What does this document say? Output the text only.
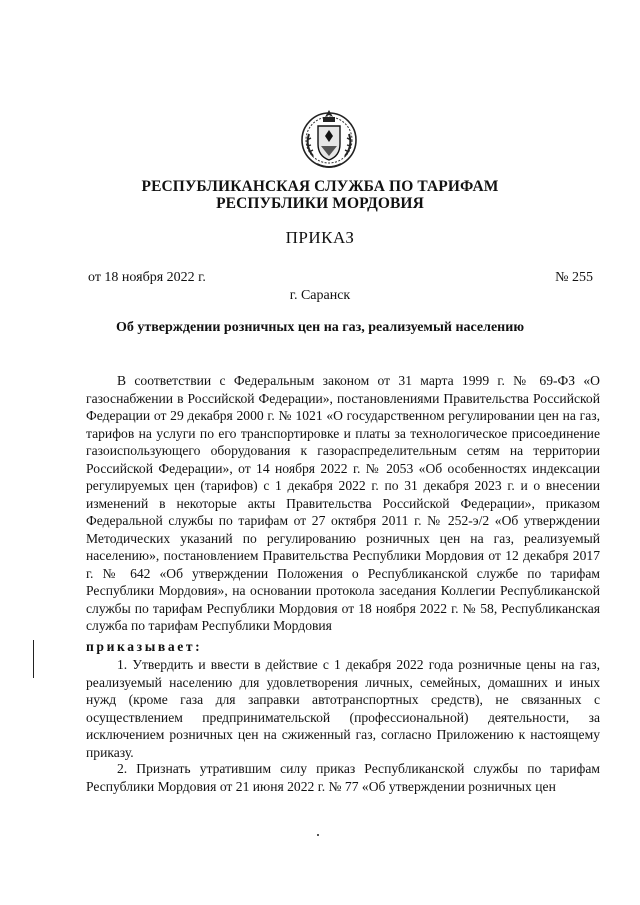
РЕСПУБЛИКАНСКАЯ СЛУЖБА ПО ТАРИФАМ
РЕСПУБЛИКИ МОРДОВИЯ
ПРИКАЗ
от 18 ноября 2022 г.	№ 255
г. Саранск
Об утверждении розничных цен на газ, реализуемый населению

В соответствии с Федеральным законом от 31 марта 1999 г. № 69-ФЗ «О газоснабжении в Российской Федерации», постановлениями Правительства Российской Федерации от 29 декабря 2000 г. № 1021 «О государственном регулировании цен на газ, тарифов на услуги по его транспортировке и платы за технологическое присоединение газоиспользующего оборудования к газораспределительным сетям на территории Российской Федерации», от 14 ноября 2022 г. № 2053 «Об особенностях индексации регулируемых цен (тарифов) с 1 декабря 2022 г. по 31 декабря 2023 г. и о внесении изменений в некоторые акты Правительства Российской Федерации», приказом Федеральной службы по тарифам от 27 октября 2011 г. № 252-э/2 «Об утверждении Методических указаний по регулированию розничных цен на газ, реализуемый населению», постановлением Правительства Республики Мордовия от 12 декабря 2017 г. № 642 «Об утверждении Положения о Республиканской службе по тарифам Республики Мордовия», на основании протокола заседания Коллегии Республиканской службы по тарифам Республики Мордовия от 18 ноября 2022 г. № 58, Республиканская служба по тарифам Республики Мордовия

приказывает:

1. Утвердить и ввести в действие с 1 декабря 2022 года розничные цены на газ, реализуемый населению для удовлетворения личных, семейных, домашних и иных нужд (кроме газа для заправки автотранспортных средств), не связанных с осуществлением предпринимательской (профессиональной) деятельности, за исключением розничных цен на сжиженный газ, согласно Приложению к настоящему приказу.

2. Признать утратившим силу приказ Республиканской службы по тарифам Республики Мордовия от 21 июня 2022 г. № 77 «Об утверждении розничных цен
